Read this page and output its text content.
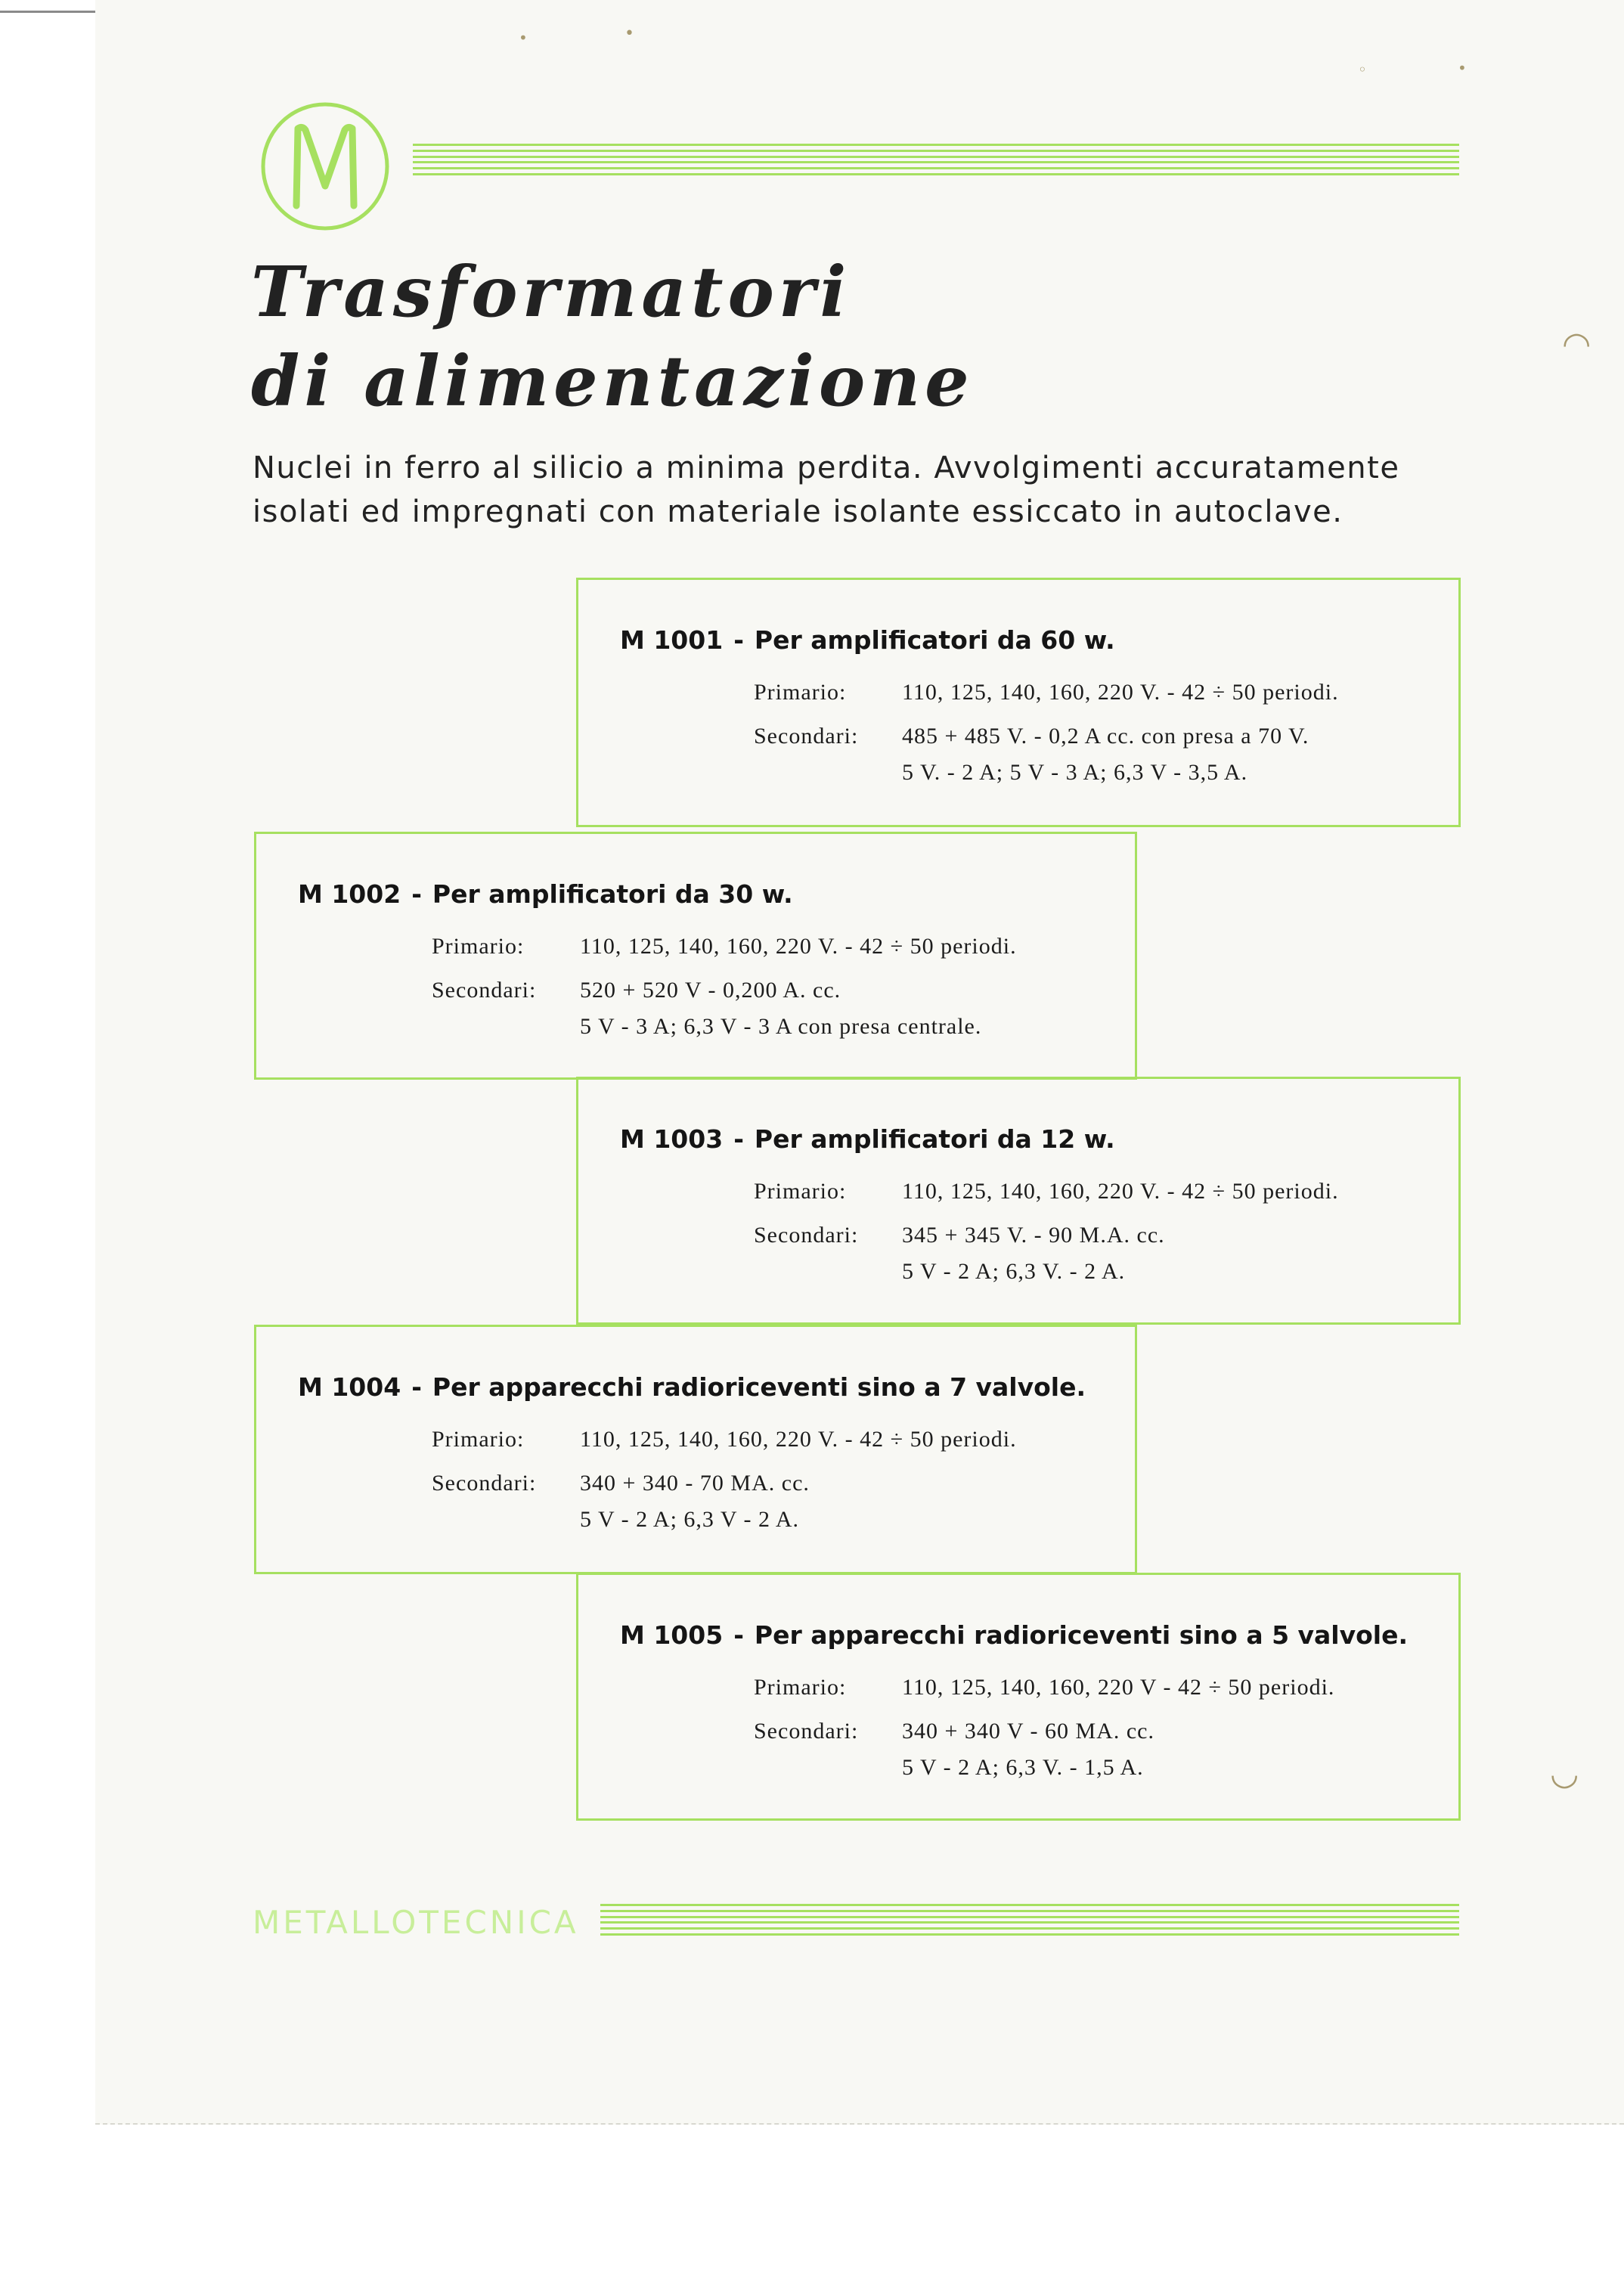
•	•
◦	•
◠
◡
Trasformatori
di alimentazione

Nuclei in ferro al silicio a minima perdita. Avvolgimenti accuratamente isolati ed impregnati con materiale isolante essiccato in autoclave.

M 1001 - Per amplificatori da 60 w.
Primario: 110, 125, 140, 160, 220 V. - 42 ÷ 50 periodi.
Secondari: 485 + 485 V. - 0,2 A cc. con presa a 70 V.
5 V. - 2 A; 5 V - 3 A; 6,3 V - 3,5 A.
M 1002 - Per amplificatori da 30 w.
Primario: 110, 125, 140, 160, 220 V. - 42 ÷ 50 periodi.
Secondari: 520 + 520 V - 0,200 A. cc.
5 V - 3 A; 6,3 V - 3 A con presa centrale.
M 1003 - Per amplificatori da 12 w.
Primario: 110, 125, 140, 160, 220 V. - 42 ÷ 50 periodi.
Secondari: 345 + 345 V. - 90 M.A. cc.
5 V - 2 A; 6,3 V. - 2 A.
M 1004 - Per apparecchi radioriceventi sino a 7 valvole.
Primario: 110, 125, 140, 160, 220 V. - 42 ÷ 50 periodi.
Secondari: 340 + 340 - 70 MA. cc.
5 V - 2 A; 6,3 V - 2 A.
M 1005 - Per apparecchi radioriceventi sino a 5 valvole.
Primario: 110, 125, 140, 160, 220 V - 42 ÷ 50 periodi.
Secondari: 340 + 340 V - 60 MA. cc.
5 V - 2 A; 6,3 V. - 1,5 A.
METALLOTECNICA
